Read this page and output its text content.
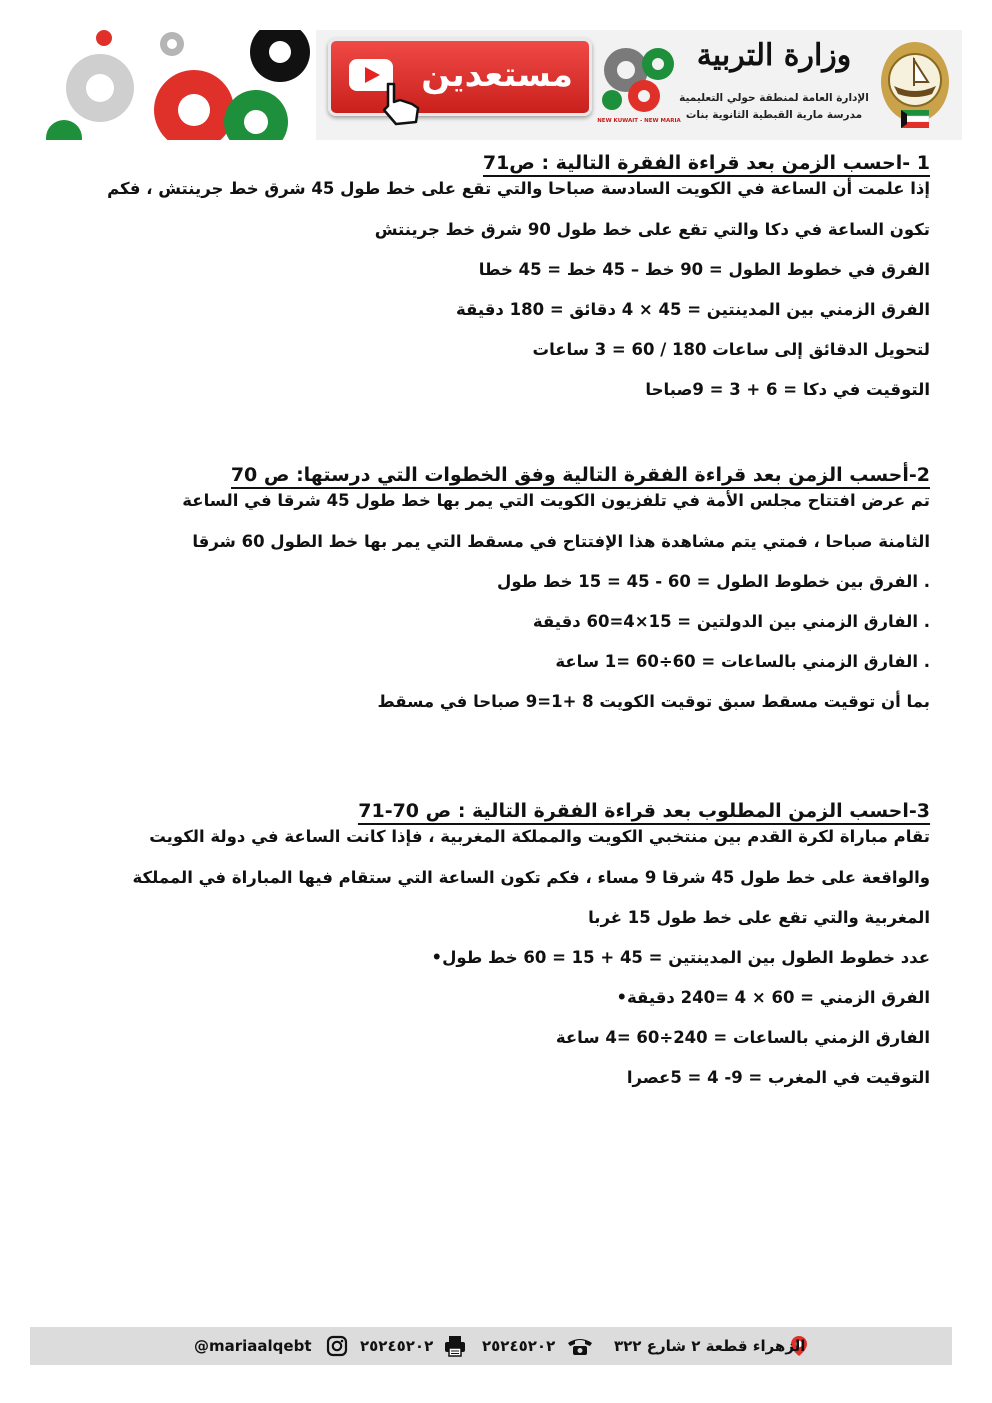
مستعدين
NEW KUWAIT - NEW MARIA
وزارة التربية
الإدارة العامة لمنطقة حولي التعليمية
مدرسة مارية القبطية الثانوية بنات
1 -احسب الزمن بعد قراءة الفقرة التالية : ص71
إذا علمت أن الساعة في الكويت السادسة صباحا والتي تقع على خط طول 45 شرق خط جرينتش ، فكم
تكون الساعة في دكا والتي تقع على خط طول 90 شرق خط جرينتش
الفرق في خطوط الطول = 90 خط – 45 خط = 45 خطا
الفرق الزمني بين المدينتين = 45 × 4 دقائق = 180 دقيقة
لتحويل الدقائق إلى ساعات 180 / 60 = 3 ساعات
التوقيت في دكا = 6 + 3 = 9صباحا
2-أحسب الزمن بعد قراءة الفقرة التالية وفق الخطوات التي درستها: ص 70
تم عرض افتتاح مجلس الأمة في تلفزيون الكويت التي يمر بها خط طول 45 شرقا في الساعة
الثامنة صباحا ، فمتي يتم مشاهدة هذا الإفتتاح في مسقط التي يمر بها خط الطول 60 شرقا
. الفرق بين خطوط الطول = 60 - 45 = 15 خط طول
. الفارق الزمني بين الدولتين = 15×4=60 دقيقة
. الفارق الزمني بالساعات = 60÷60 =1 ساعة
بما أن توقيت مسقط سبق توقيت الكويت 8 +1=9 صباحا في مسقط
3-احسب الزمن المطلوب بعد قراءة الفقرة التالية : ص 70-71
تقام مباراة لكرة القدم بين منتخبي الكويت والمملكة المغربية ، فإذا كانت الساعة في دولة الكويت
والواقعة على خط طول 45 شرقا 9 مساء ، فكم تكون الساعة التي ستقام فيها المباراة في المملكة
المغربية والتي تقع على خط طول 15 غربا
عدد خطوط الطول بين المدينتين = 45 + 15 = 60 خط طول•
الفرق الزمني = 60 × 4 =240 دقيقة•
الفارق الزمني بالساعات = 240÷60 =4 ساعة
التوقيت في المغرب = 9- 4 = 5عصرا
الزهراء قطعة ٢ شارع ٣٢٢
٢٥٢٤٥٢٠٢
٢٥٢٤٥٢٠٢
@mariaalqebt
